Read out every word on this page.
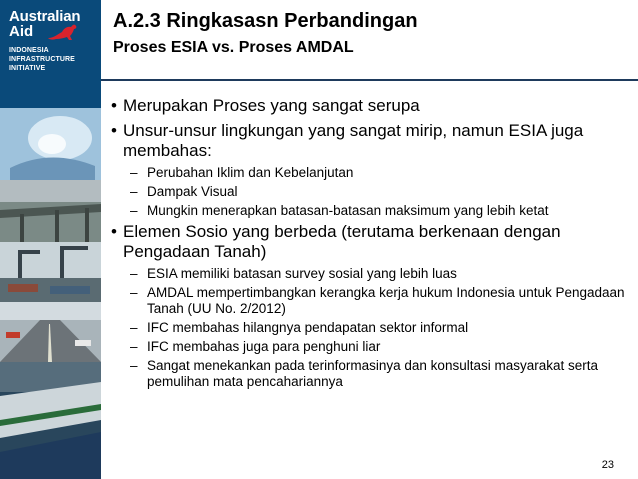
Australian
Aid
INDONESIA
INFRASTRUCTURE
INITIATIVE
A.2.3 Ringkasasn Perbandingan
Proses ESIA vs. Proses AMDAL
• Merupakan Proses yang sangat serupa
• Unsur-unsur lingkungan yang sangat mirip, namun ESIA juga membahas:
– Perubahan Iklim dan Kebelanjutan
– Dampak Visual
– Mungkin menerapkan batasan-batasan maksimum yang lebih ketat
• Elemen Sosio yang berbeda (terutama berkenaan dengan Pengadaan Tanah)
– ESIA memiliki batasan survey sosial yang lebih luas
– AMDAL mempertimbangkan kerangka kerja hukum Indonesia untuk Pengadaan Tanah (UU No. 2/2012)
– IFC membahas hilangnya pendapatan sektor informal
– IFC membahas juga para penghuni liar
– Sangat menekankan pada terinformasinya dan konsultasi masyarakat serta pemulihan mata pencahariannya
23
